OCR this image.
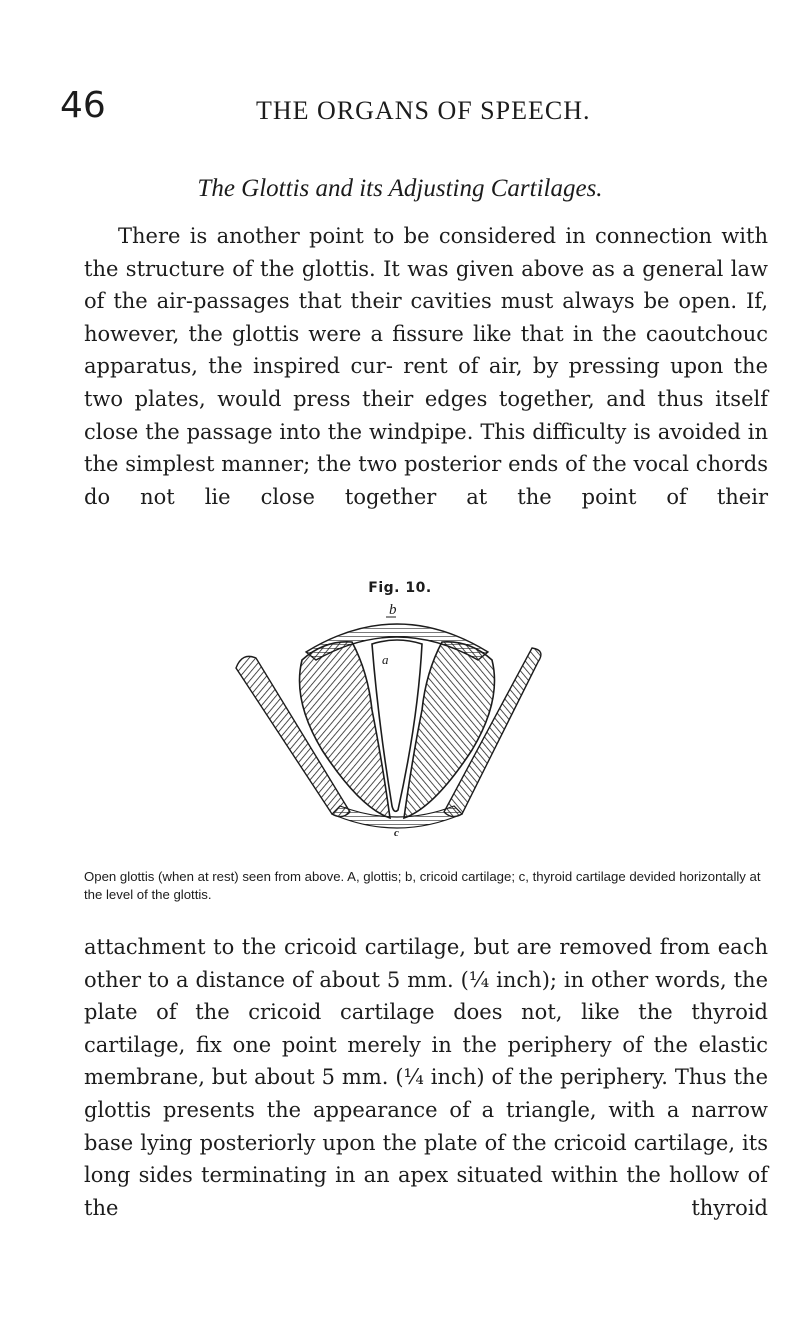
46	THE ORGANS OF SPEECH.
The Glottis and its Adjusting Cartilages.

There is another point to be considered in connection with the structure of the glottis. It was given above as a general law of the air-passages that their cavities must always be open. If, however, the glottis were a fissure like that in the caoutchouc apparatus, the inspired cur- rent of air, by pressing upon the two plates, would press their edges together, and thus itself close the passage into the windpipe. This difficulty is avoided in the simplest manner; the two posterior ends of the vocal chords do not lie close together at the point of their

Fig. 10.
b
a
c

Open glottis (when at rest) seen from above. A, glottis; b, cricoid cartilage; c, thyroid cartilage devided horizontally at the level of the glottis.

attachment to the cricoid cartilage, but are removed from each other to a distance of about 5 mm. (¼ inch); in other words, the plate of the cricoid cartilage does not, like the thyroid cartilage, fix one point merely in the periphery of the elastic membrane, but about 5 mm. (¼ inch) of the periphery. Thus the glottis presents the appearance of a triangle, with a narrow base lying posteriorly upon the plate of the cricoid cartilage, its long sides terminating in an apex situated within the hollow of the thyroid
